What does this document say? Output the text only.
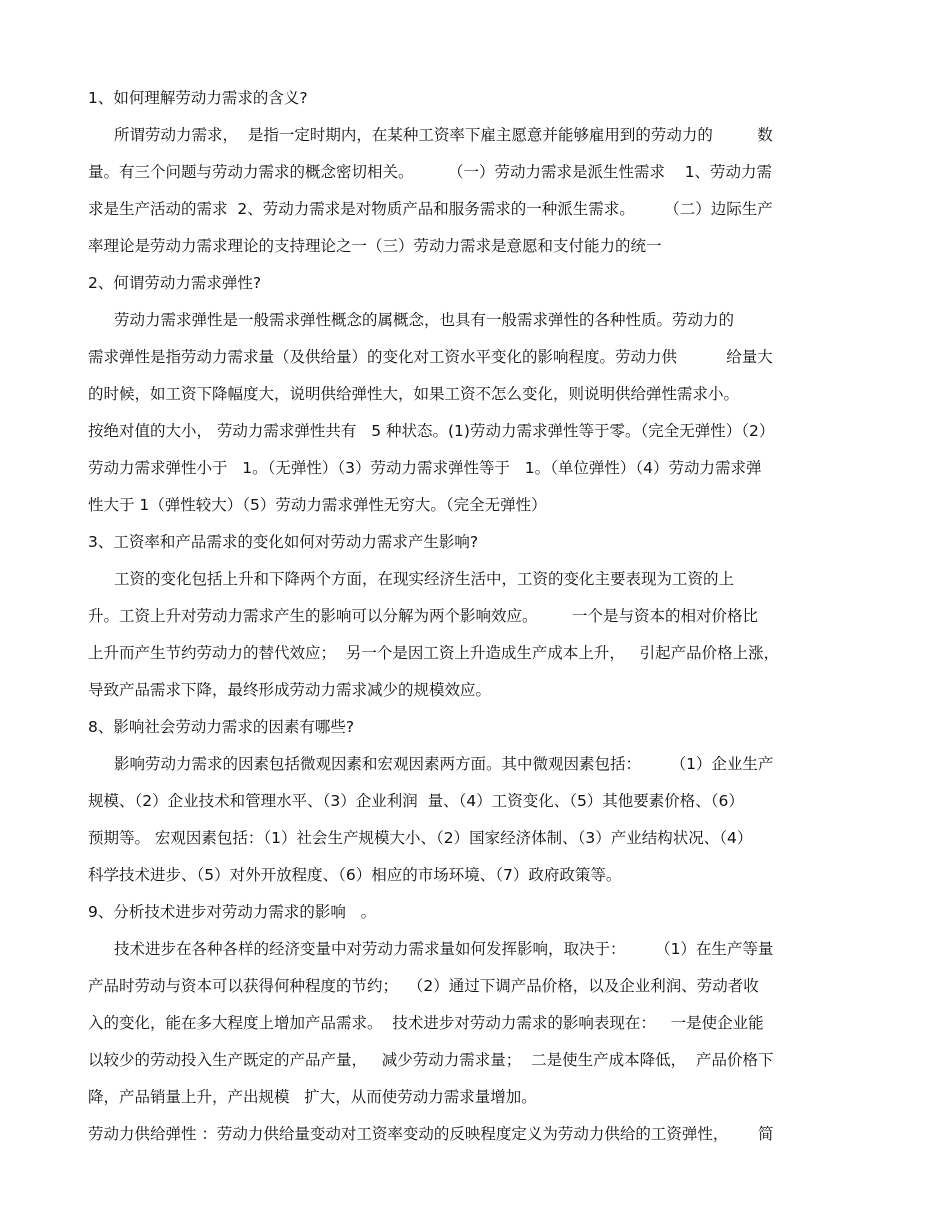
1、如何理解劳动力需求的含义?
所谓劳动力需求，  是指一定时期内，在某种工资率下雇主愿意并能够雇用到的劳动力的         数
量。有三个问题与劳动力需求的概念密切相关。       （一）劳动力需求是派生性需求    1、劳动力需
求是生产活动的需求  2、劳动力需求是对物质产品和服务需求的一种派生需求。      （二）边际生产
率理论是劳动力需求理论的支持理论之一（三）劳动力需求是意愿和支付能力的统一
2、何谓劳动力需求弹性?
劳动力需求弹性是一般需求弹性概念的属概念，也具有一般需求弹性的各种性质。劳动力的
需求弹性是指劳动力需求量（及供给量）的变化对工资水平变化的影响程度。劳动力供          给量大
的时候，如工资下降幅度大，说明供给弹性大，如果工资不怎么变化，则说明供给弹性需求小。
按绝对值的大小， 劳动力需求弹性共有   5 种状态。(1)劳动力需求弹性等于零。（完全无弹性）（2）
劳动力需求弹性小于   1。（无弹性）（3）劳动力需求弹性等于   1。（单位弹性）（4）劳动力需求弹
性大于 1（弹性较大）（5）劳动力需求弹性无穷大。（完全无弹性）
3、工资率和产品需求的变化如何对劳动力需求产生影响?
工资的变化包括上升和下降两个方面，在现实经济生活中，工资的变化主要表现为工资的上
升。工资上升对劳动力需求产生的影响可以分解为两个影响效应。       一个是与资本的相对价格比
上升而产生节约劳动力的替代效应；  另一个是因工资上升造成生产成本上升，   引起产品价格上涨，
导致产品需求下降，最终形成劳动力需求减少的规模效应。
8、影响社会劳动力需求的因素有哪些?
影响劳动力需求的因素包括微观因素和宏观因素两方面。其中微观因素包括：      （1）企业生产
规模、（2）企业技术和管理水平、（3）企业利润  量、（4）工资变化、（5）其他要素价格、（6）
预期等。 宏观因素包括：（1）社会生产规模大小、（2）国家经济体制、（3）产业结构状况、（4）
科学技术进步、（5）对外开放程度、（6）相应的市场环境、（7）政府政策等。
9、分析技术进步对劳动力需求的影响   。
技术进步在各种各样的经济变量中对劳动力需求量如何发挥影响，取决于：      （1）在生产等量
产品时劳动与资本可以获得何种程度的节约；  （2）通过下调产品价格，以及企业利润、劳动者收
入的变化，能在多大程度上增加产品需求。  技术进步对劳动力需求的影响表现在：   一是使企业能
以较少的劳动投入生产既定的产品产量，   减少劳动力需求量；  二是使生产成本降低，  产品价格下
降，产品销量上升，产出规模   扩大，从而使劳动力需求量增加。
劳动力供给弹性 ：劳动力供给量变动对工资率变动的反映程度定义为劳动力供给的工资弹性，      简
